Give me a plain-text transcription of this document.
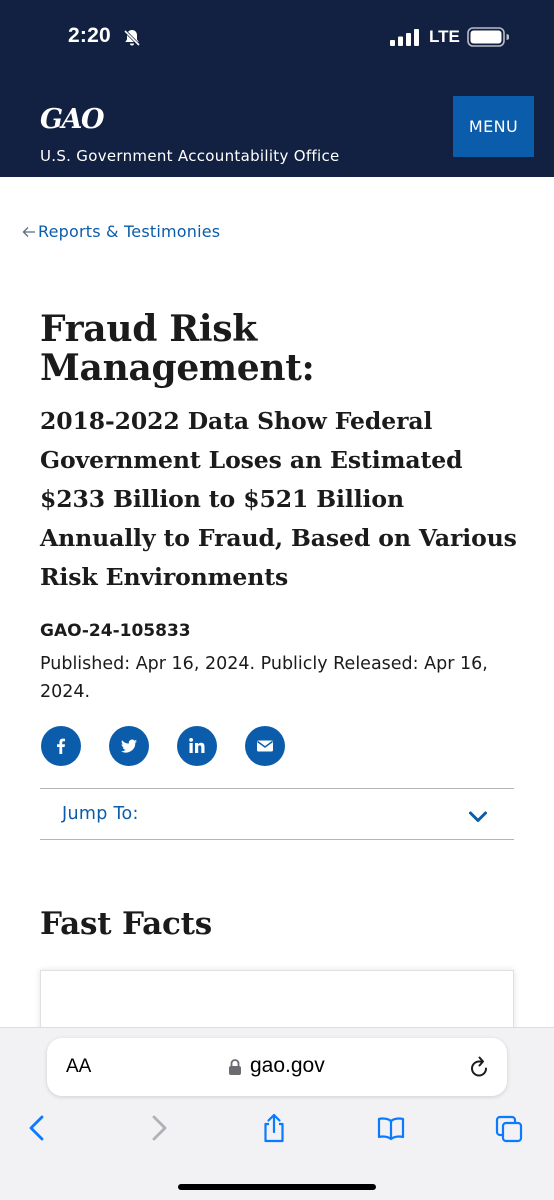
2:20	LTE
GAO
U.S. Government Accountability Office
MENU
Reports & Testimonies
Fraud Risk Management:
2018-2022 Data Show Federal Government Loses an Estimated $233 Billion to $521 Billion Annually to Fraud, Based on Various Risk Environments
GAO-24-105833
Published: Apr 16, 2024. Publicly Released: Apr 16, 2024.
Jump To:
Fast Facts
AA	gao.gov
